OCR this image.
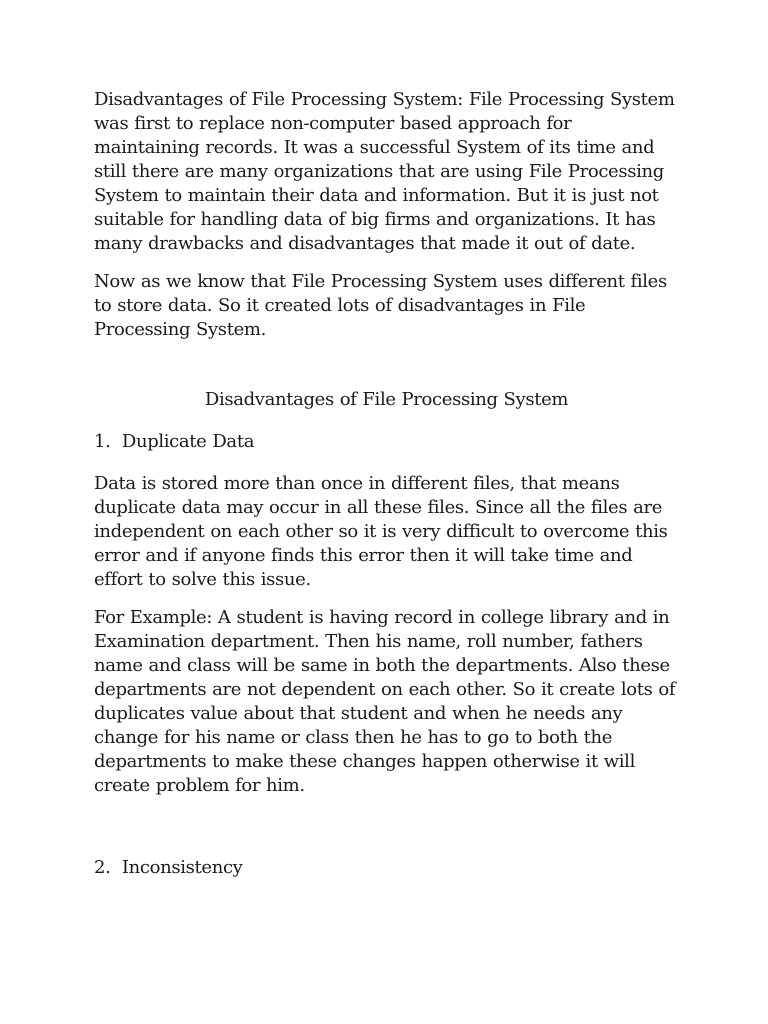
Disadvantages of File Processing System: File Processing System was first to replace non-computer based approach for maintaining records. It was a successful System of its time and still there are many organizations that are using File Processing System to maintain their data and information. But it is just not suitable for handling data of big firms and organizations. It has many drawbacks and disadvantages that made it out of date.

Now as we know that File Processing System uses different files to store data. So it created lots of disadvantages in File Processing System.

Disadvantages of File Processing System

1. Duplicate Data

Data is stored more than once in different files, that means duplicate data may occur in all these files. Since all the files are independent on each other so it is very difficult to overcome this error and if anyone finds this error then it will take time and effort to solve this issue.

For Example: A student is having record in college library and in Examination department. Then his name, roll number, fathers name and class will be same in both the departments. Also these departments are not dependent on each other. So it create lots of duplicates value about that student and when he needs any change for his name or class then he has to go to both the departments to make these changes happen otherwise it will create problem for him.

2. Inconsistency
